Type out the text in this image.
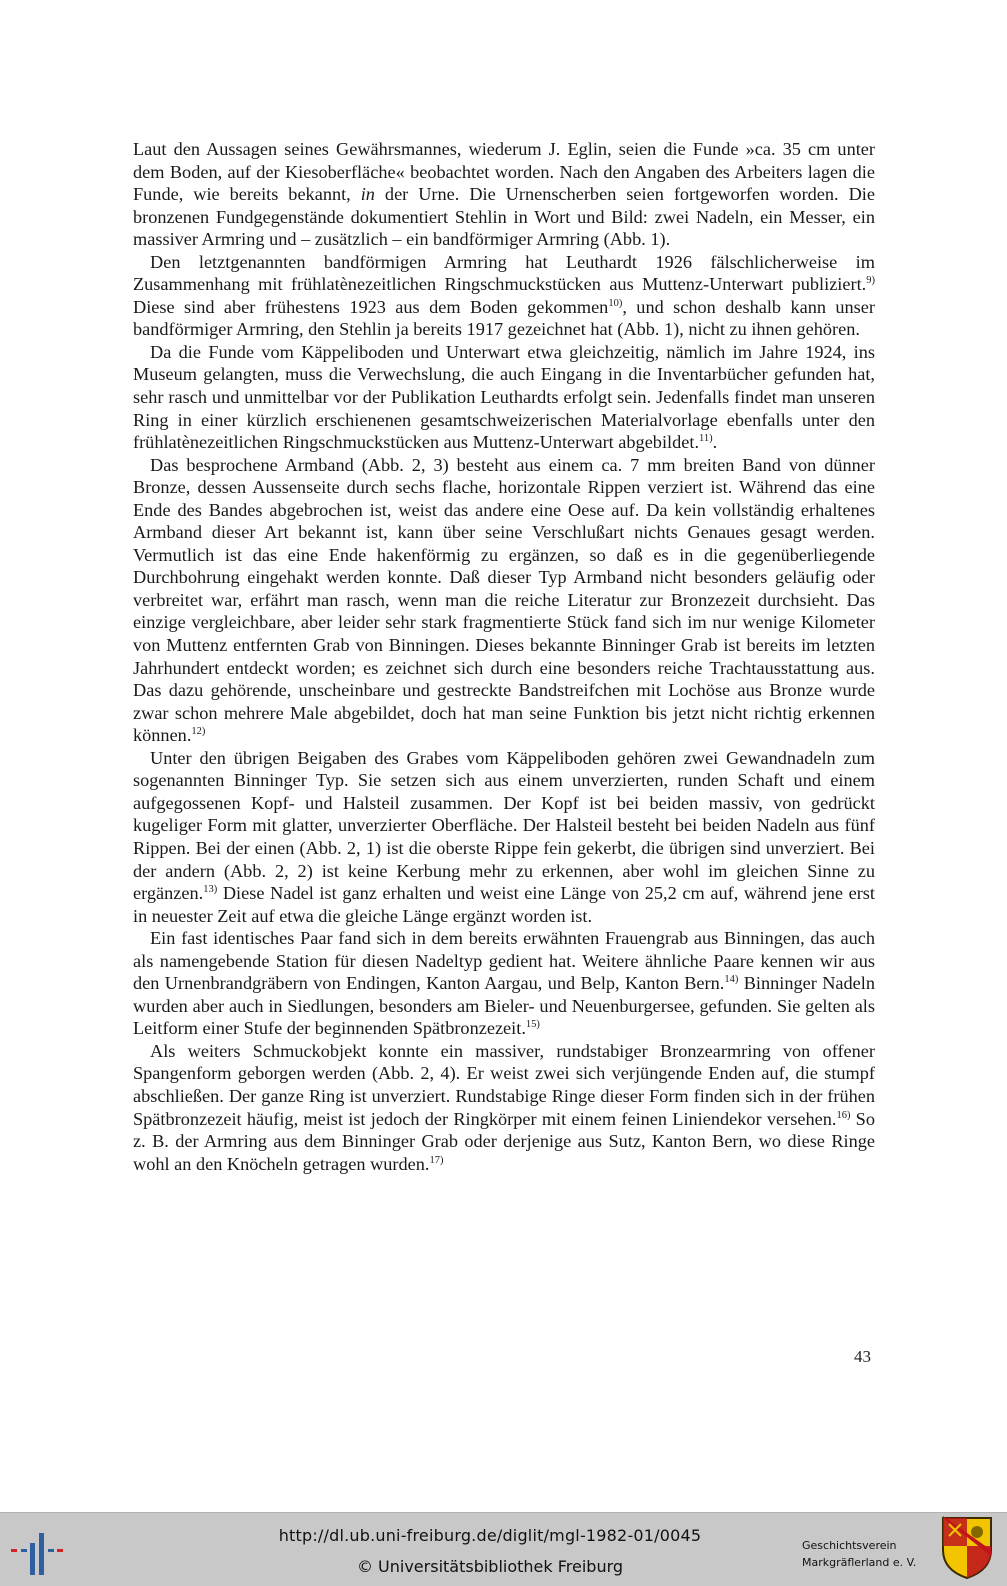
Laut den Aussagen seines Gewährsmannes, wiederum J. Eglin, seien die Funde »ca. 35 cm unter dem Boden, auf der Kiesoberfläche« beobachtet worden. Nach den Angaben des Arbeiters lagen die Funde, wie bereits bekannt, in der Urne. Die Urnenscherben seien fortgeworfen worden. Die bronzenen Fundgegenstände dokumentiert Stehlin in Wort und Bild: zwei Nadeln, ein Messer, ein massiver Armring und – zusätzlich – ein bandförmiger Armring (Abb. 1).

Den letztgenannten bandförmigen Armring hat Leuthardt 1926 fälschlicherweise im Zusammenhang mit frühlatènezeitlichen Ringschmuckstücken aus Muttenz-Unterwart publiziert.$^{9)}$ Diese sind aber frühestens 1923 aus dem Boden gekommen$^{10)}$, und schon deshalb kann unser bandförmiger Armring, den Stehlin ja bereits 1917 gezeichnet hat (Abb. 1), nicht zu ihnen gehören.

Da die Funde vom Käppeliboden und Unterwart etwa gleichzeitig, nämlich im Jahre 1924, ins Museum gelangten, muss die Verwechslung, die auch Eingang in die Inventarbücher gefunden hat, sehr rasch und unmittelbar vor der Publikation Leuthardts erfolgt sein. Jedenfalls findet man unseren Ring in einer kürzlich erschienenen gesamtschweizerischen Materialvorlage ebenfalls unter den frühlatènezeitlichen Ringschmuckstücken aus Muttenz-Unterwart abgebildet.$^{11)}$.

Das besprochene Armband (Abb. 2, 3) besteht aus einem ca. 7 mm breiten Band von dünner Bronze, dessen Aussenseite durch sechs flache, horizontale Rippen verziert ist. Während das eine Ende des Bandes abgebrochen ist, weist das andere eine Oese auf. Da kein vollständig erhaltenes Armband dieser Art bekannt ist, kann über seine Verschlußart nichts Genaues gesagt werden. Vermutlich ist das eine Ende hakenförmig zu ergänzen, so daß es in die gegenüberliegende Durchbohrung eingehakt werden konnte. Daß dieser Typ Armband nicht besonders geläufig oder verbreitet war, erfährt man rasch, wenn man die reiche Literatur zur Bronzezeit durchsieht. Das einzige vergleichbare, aber leider sehr stark fragmentierte Stück fand sich im nur wenige Kilometer von Muttenz entfernten Grab von Binningen. Dieses bekannte Binninger Grab ist bereits im letzten Jahrhundert entdeckt worden; es zeichnet sich durch eine besonders reiche Trachtausstattung aus. Das dazu gehörende, unscheinbare und gestreckte Bandstreifchen mit Lochöse aus Bronze wurde zwar schon mehrere Male abgebildet, doch hat man seine Funktion bis jetzt nicht richtig erkennen können.$^{12)}$

Unter den übrigen Beigaben des Grabes vom Käppeliboden gehören zwei Gewandnadeln zum sogenannten Binninger Typ. Sie setzen sich aus einem unverzierten, runden Schaft und einem aufgegossenen Kopf- und Halsteil zusammen. Der Kopf ist bei beiden massiv, von gedrückt kugeliger Form mit glatter, unverzierter Oberfläche. Der Halsteil besteht bei beiden Nadeln aus fünf Rippen. Bei der einen (Abb. 2, 1) ist die oberste Rippe fein gekerbt, die übrigen sind unverziert. Bei der andern (Abb. 2, 2) ist keine Kerbung mehr zu erkennen, aber wohl im gleichen Sinne zu ergänzen.$^{13)}$ Diese Nadel ist ganz erhalten und weist eine Länge von 25,2 cm auf, während jene erst in neuester Zeit auf etwa die gleiche Länge ergänzt worden ist.

Ein fast identisches Paar fand sich in dem bereits erwähnten Frauengrab aus Binningen, das auch als namengebende Station für diesen Nadeltyp gedient hat. Weitere ähnliche Paare kennen wir aus den Urnenbrandgräbern von Endingen, Kanton Aargau, und Belp, Kanton Bern.$^{14)}$ Binninger Nadeln wurden aber auch in Siedlungen, besonders am Bieler- und Neuenburgersee, gefunden. Sie gelten als Leitform einer Stufe der beginnenden Spätbronzezeit.$^{15)}$

Als weiters Schmuckobjekt konnte ein massiver, rundstabiger Bronzearmring von offener Spangenform geborgen werden (Abb. 2, 4). Er weist zwei sich verjüngende Enden auf, die stumpf abschließen. Der ganze Ring ist unverziert. Rundstabige Ringe dieser Form finden sich in der frühen Spätbronzezeit häufig, meist ist jedoch der Ringkörper mit einem feinen Liniendekor versehen.$^{16)}$ So z. B. der Armring aus dem Binninger Grab oder derjenige aus Sutz, Kanton Bern, wo diese Ringe wohl an den Knöcheln getragen wurden.$^{17)}$

43
http://dl.ub.uni-freiburg.de/diglit/mgl-1982-01/0045
© Universitätsbibliothek Freiburg
Geschichtsverein
Markgräflerland e. V.
